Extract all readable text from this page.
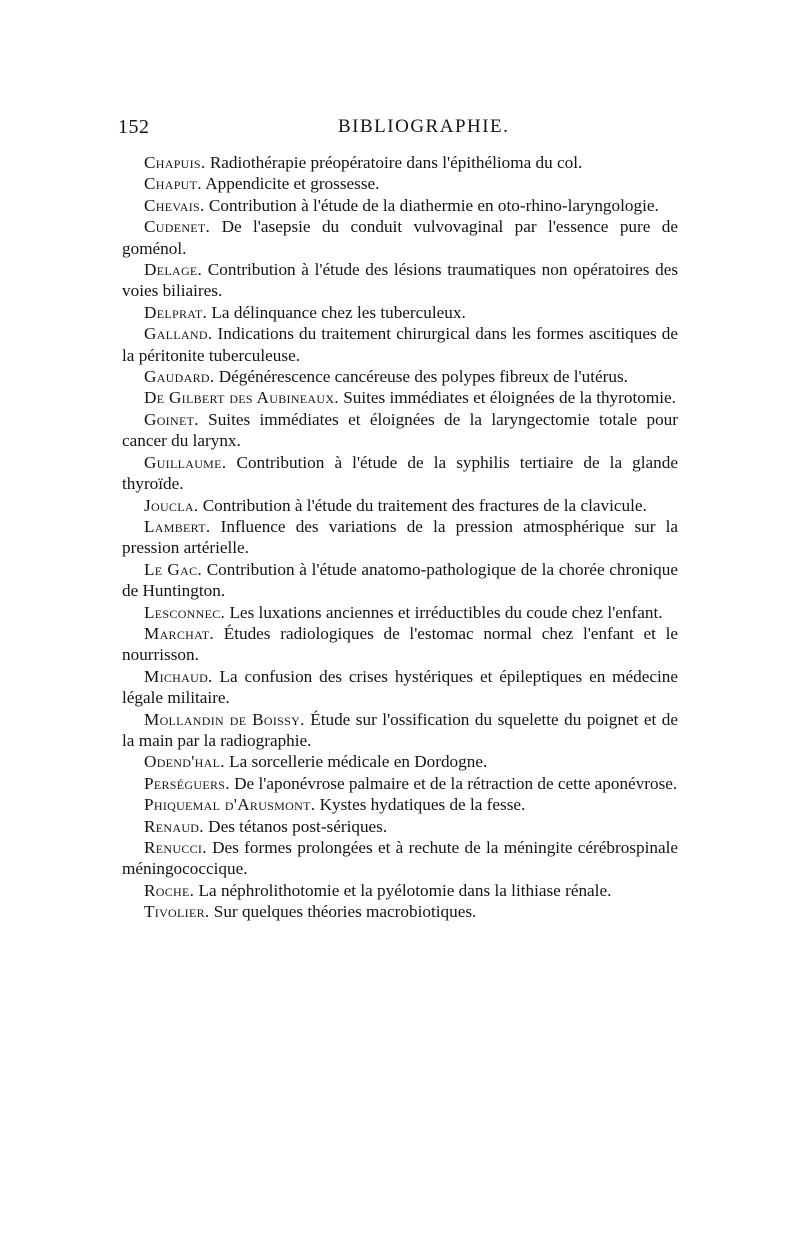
152	BIBLIOGRAPHIE.
Chapuis. Radiothérapie préopératoire dans l'épithélioma du col.
Chaput. Appendicite et grossesse.
Chevais. Contribution à l'étude de la diathermie en oto-rhino-laryngologie.
Cudenet. De l'asepsie du conduit vulvovaginal par l'essence pure de goménol.
Delage. Contribution à l'étude des lésions traumatiques non opératoires des voies biliaires.
Delprat. La délinquance chez les tuberculeux.
Galland. Indications du traitement chirurgical dans les formes ascitiques de la péritonite tuberculeuse.
Gaudard. Dégénérescence cancéreuse des polypes fibreux de l'utérus.
De Gilbert des Aubineaux. Suites immédiates et éloignées de la thyrotomie.
Goinet. Suites immédiates et éloignées de la laryngectomie totale pour cancer du larynx.
Guillaume. Contribution à l'étude de la syphilis tertiaire de la glande thyroïde.
Joucla. Contribution à l'étude du traitement des fractures de la clavicule.
Lambert. Influence des variations de la pression atmosphérique sur la pression artérielle.
Le Gac. Contribution à l'étude anatomo-pathologique de la chorée chronique de Huntington.
Lesconnec. Les luxations anciennes et irréductibles du coude chez l'enfant.
Marchat. Études radiologiques de l'estomac normal chez l'enfant et le nourrisson.
Michaud. La confusion des crises hystériques et épileptiques en médecine légale militaire.
Mollandin de Boissy. Étude sur l'ossification du squelette du poignet et de la main par la radiographie.
Odend'hal. La sorcellerie médicale en Dordogne.
Perséguers. De l'aponévrose palmaire et de la rétraction de cette aponévrose.
Phiquemal d'Arusmont. Kystes hydatiques de la fesse.
Renaud. Des tétanos post-sériques.
Renucci. Des formes prolongées et à rechute de la méningite cérébrospinale méningococcique.
Roche. La néphrolithotomie et la pyélotomie dans la lithiase rénale.
Tivolier. Sur quelques théories macrobiotiques.
